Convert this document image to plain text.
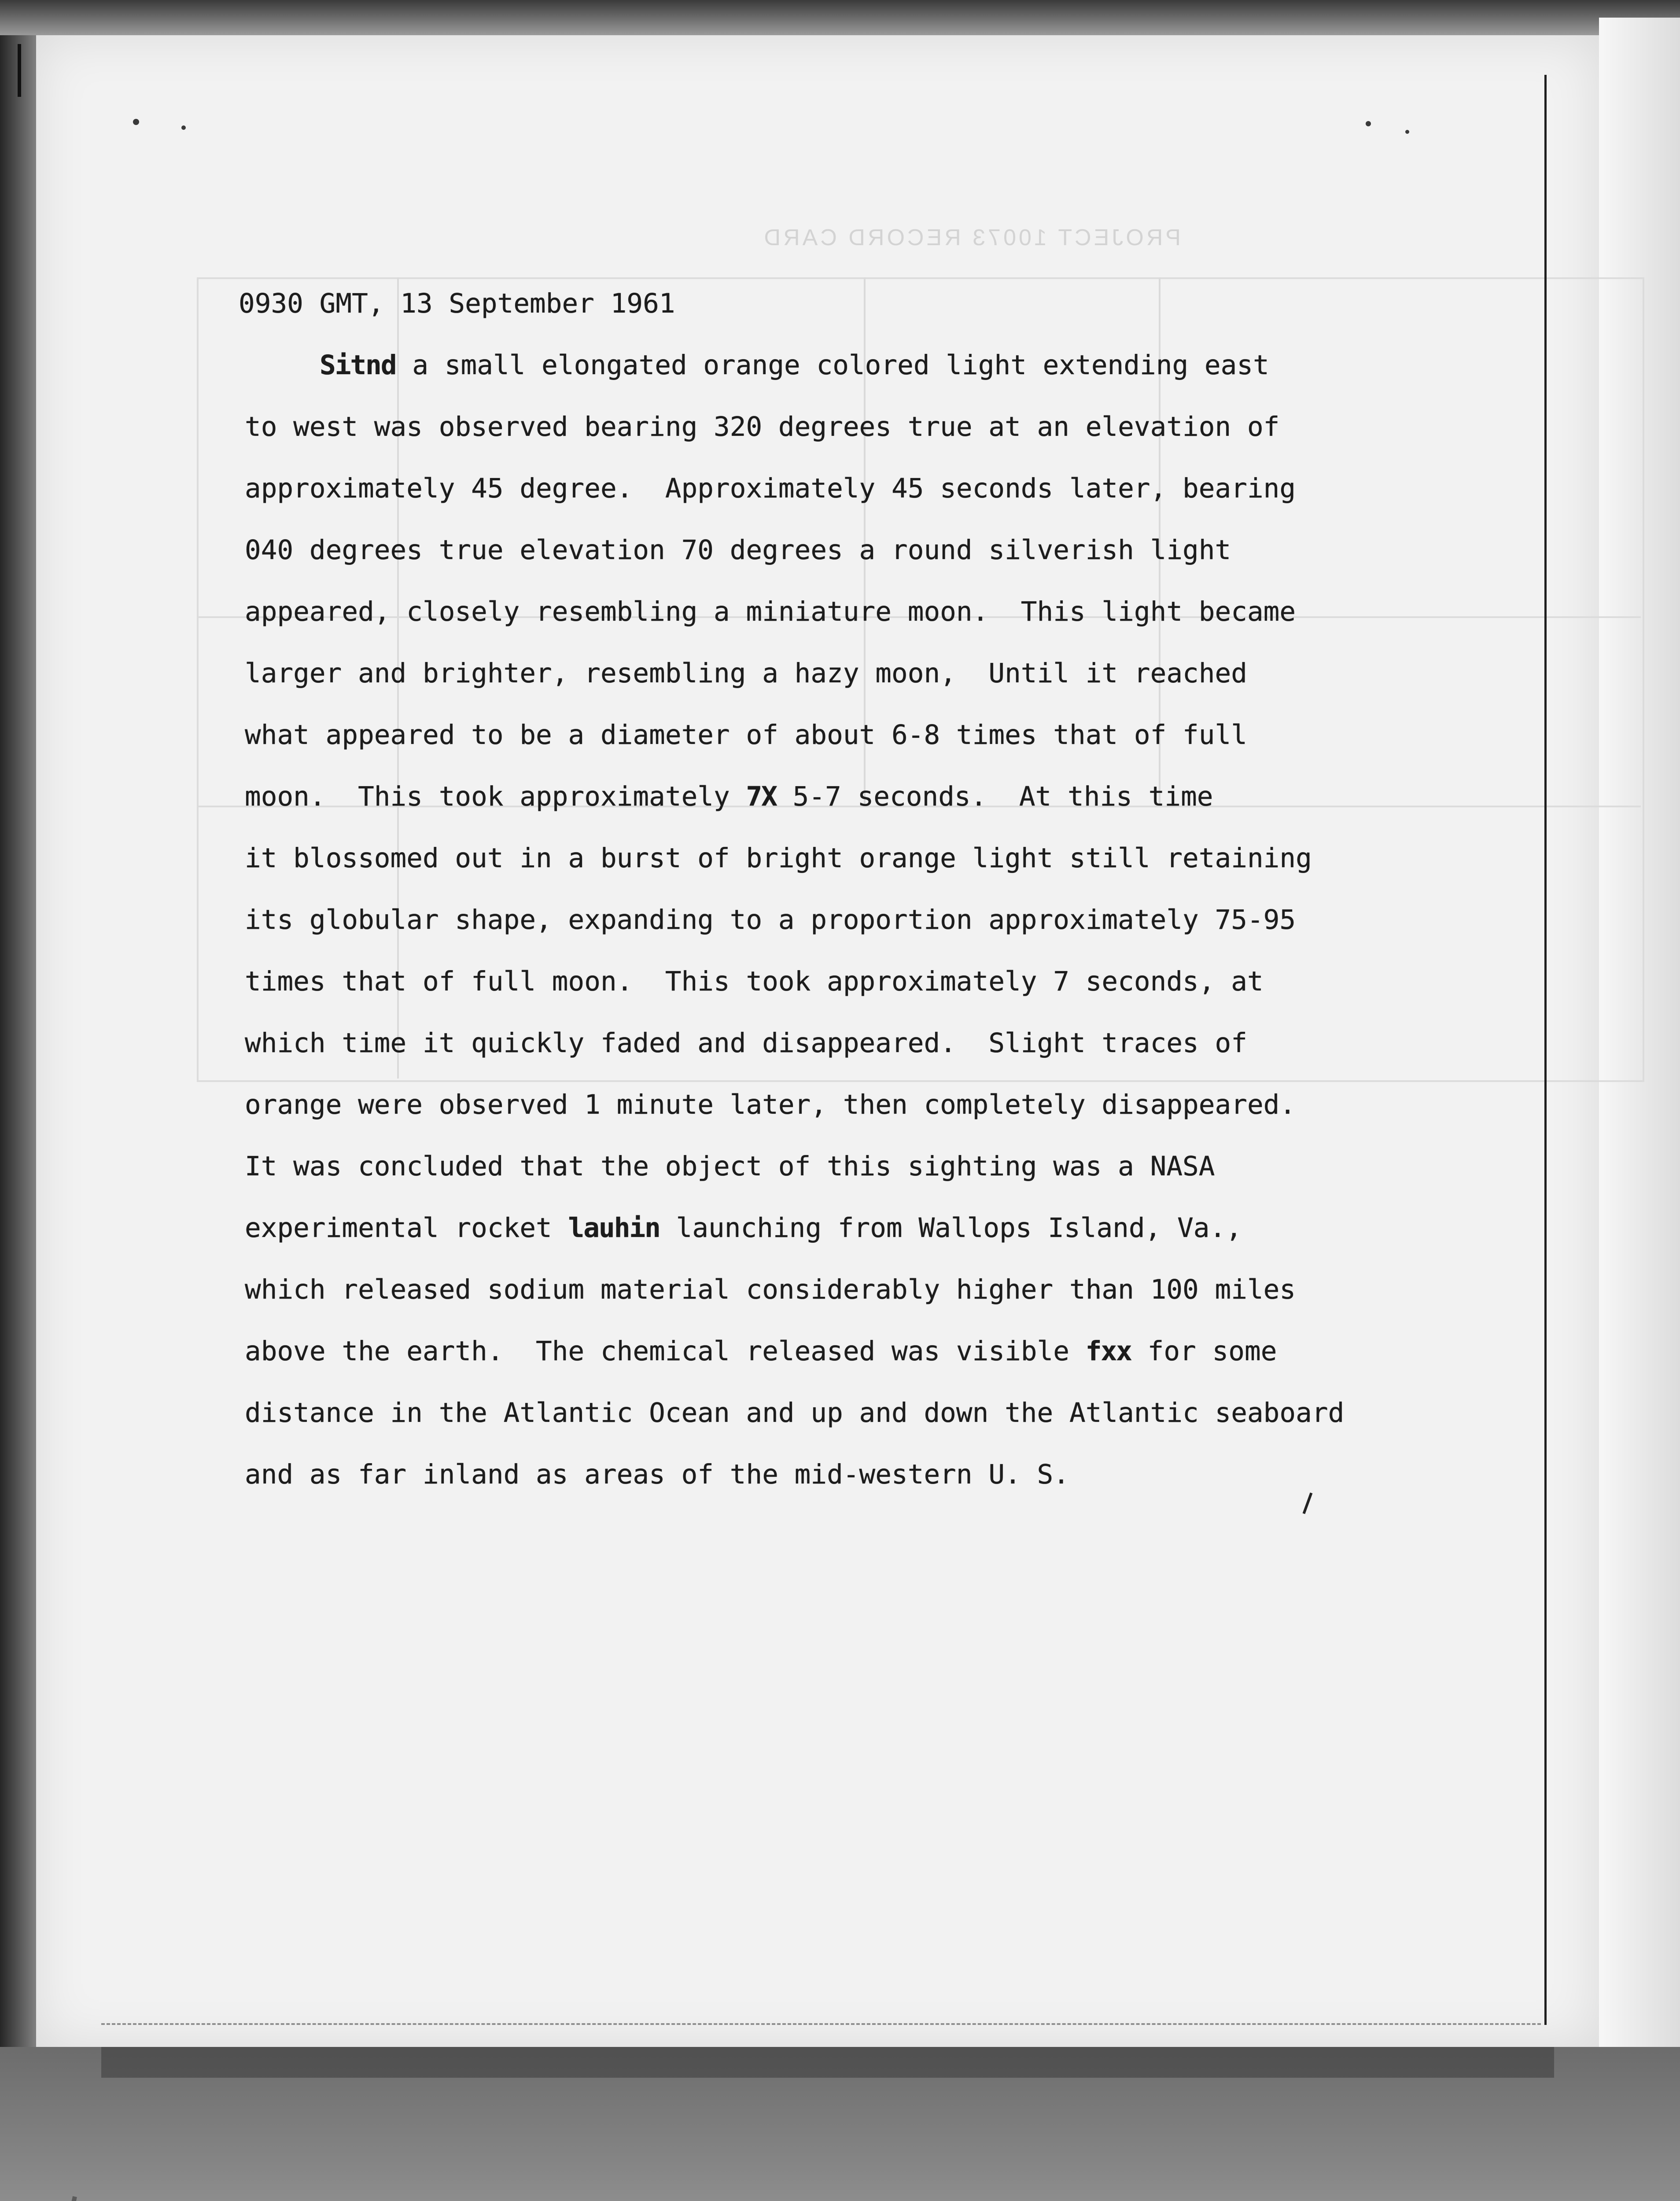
PROJECT 10073 RECORD CARD
0930 GMT, 13 September 1961
Sitnd a small elongated orange colored light extending east
to west was observed bearing 320 degrees true at an elevation of
approximately 45 degree.  Approximately 45 seconds later, bearing
040 degrees true elevation 70 degrees a round silverish light
appeared, closely resembling a miniature moon.  This light became
larger and brighter, resembling a hazy moon,  Until it reached
what appeared to be a diameter of about 6-8 times that of full
moon.  This took approximately 7X 5-7 seconds.  At this time
it blossomed out in a burst of bright orange light still retaining
its globular shape, expanding to a proportion approximately 75-95
times that of full moon.  This took approximately 7 seconds, at
which time it quickly faded and disappeared.  Slight traces of
orange were observed 1 minute later, then completely disappeared.
It was concluded that the object of this sighting was a NASA
experimental rocket lauhin launching from Wallops Island, Va.,
which released sodium material considerably higher than 100 miles
above the earth.  The chemical released was visible fxx for some
distance in the Atlantic Ocean and up and down the Atlantic seaboard
and as far inland as areas of the mid-western U. S.
